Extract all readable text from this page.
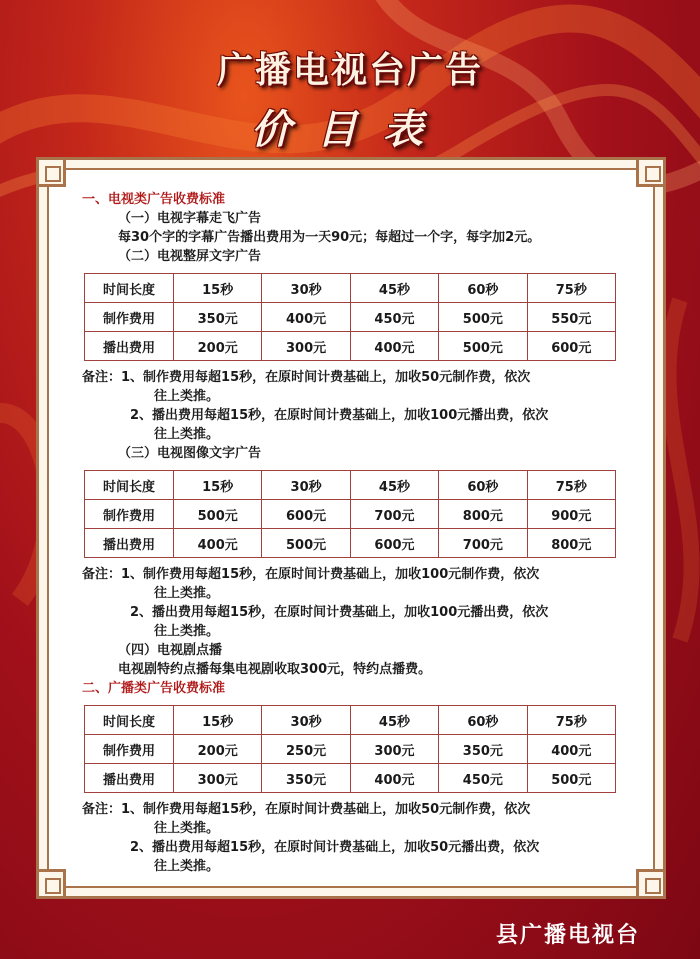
广播电视台广告
价目表

一、电视类广告收费标准
（一）电视字幕走飞广告
每30个字的字幕广告播出费用为一天90元；每超过一个字，每字加2元。
（二）电视整屏文字广告
时间长度	15秒	30秒	45秒	60秒	75秒
制作费用	350元	400元	450元	500元	550元
播出费用	200元	300元	400元	500元	600元
备注：1、制作费用每超15秒，在原时间计费基础上，加收50元制作费，依次
往上类推。
2、播出费用每超15秒，在原时间计费基础上，加收100元播出费，依次
往上类推。
（三）电视图像文字广告
时间长度	15秒	30秒	45秒	60秒	75秒
制作费用	500元	600元	700元	800元	900元
播出费用	400元	500元	600元	700元	800元
备注：1、制作费用每超15秒，在原时间计费基础上，加收100元制作费，依次
往上类推。
2、播出费用每超15秒，在原时间计费基础上，加收100元播出费，依次
往上类推。
（四）电视剧点播
电视剧特约点播每集电视剧收取300元，特约点播费。
二、广播类广告收费标准
时间长度	15秒	30秒	45秒	60秒	75秒
制作费用	200元	250元	300元	350元	400元
播出费用	300元	350元	400元	450元	500元
备注：1、制作费用每超15秒，在原时间计费基础上，加收50元制作费，依次
往上类推。
2、播出费用每超15秒，在原时间计费基础上，加收50元播出费，依次
往上类推。
县广播电视台
